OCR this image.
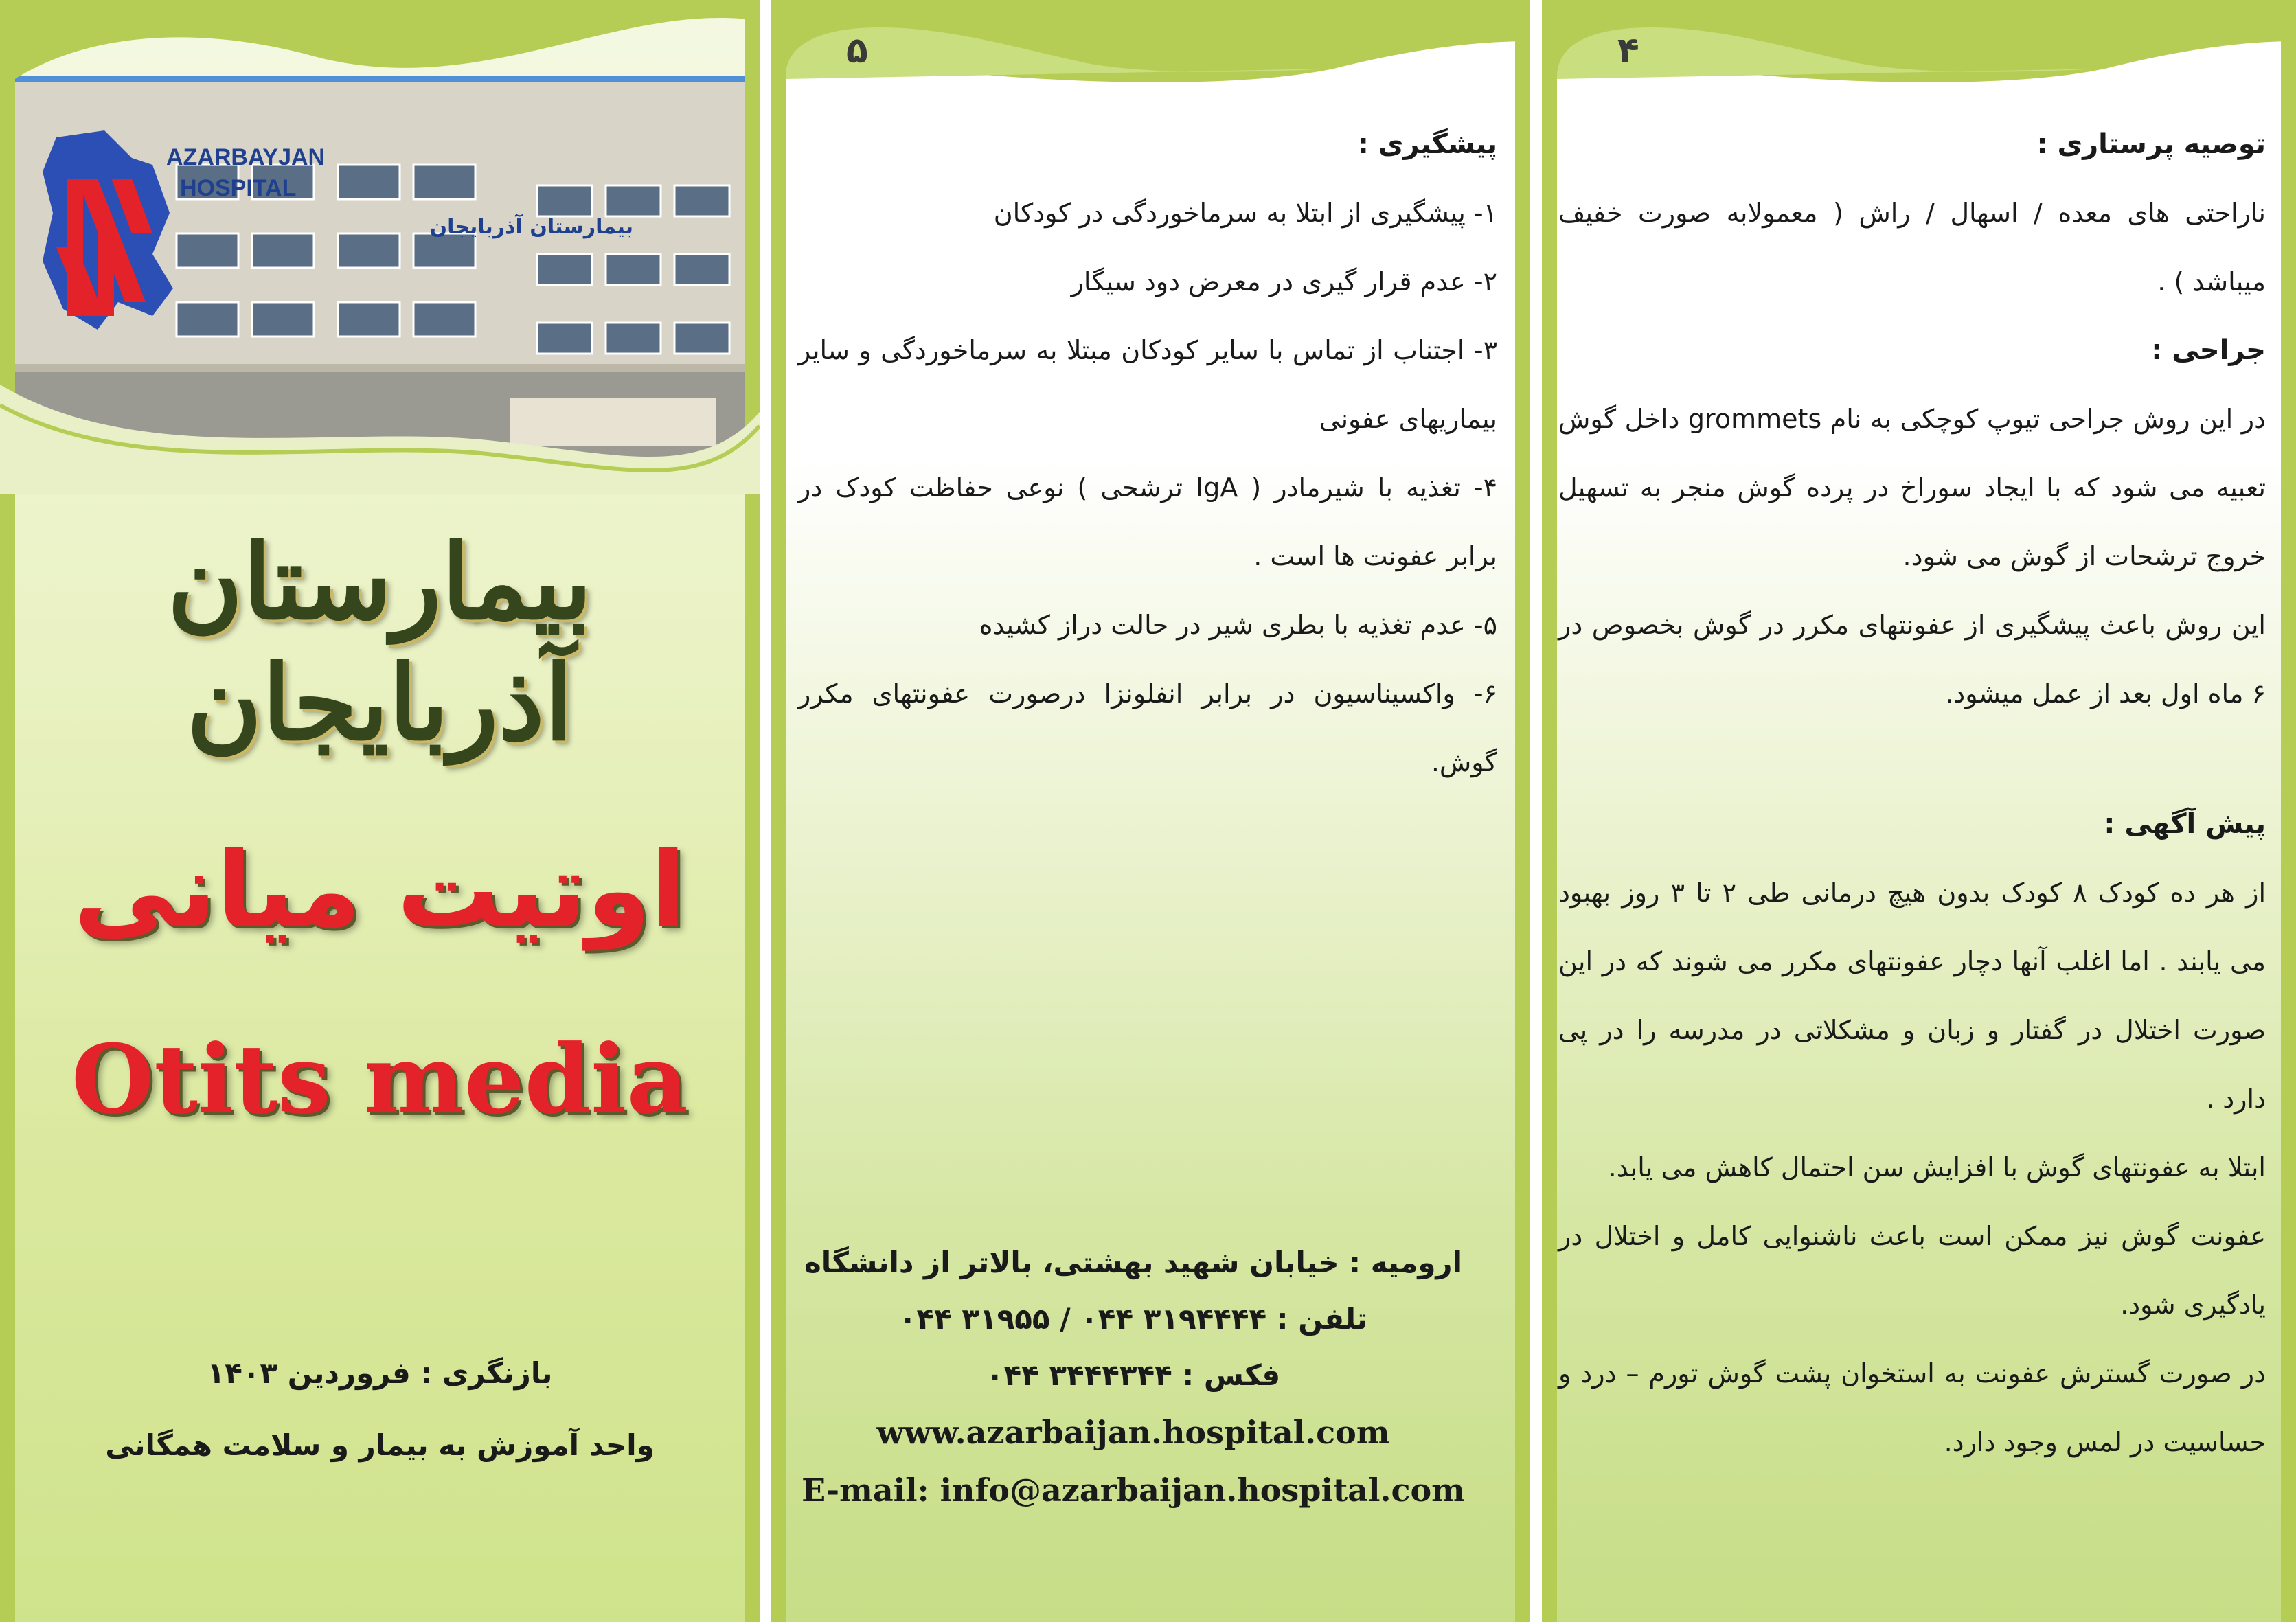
AZARBAYJAN
HOSPITAL
بیمارستان آذربایجان
بیمارستان آذربایجان
اوتیت میانی
Otits media
بازنگری : فروردین ۱۴۰۳
واحد آموزش به بیمار و سلامت همگانی
۵

پیشگیری :

۱- پیشگیری از ابتلا به سرماخوردگی در کودکان

۲- عدم قرار گیری در معرض دود سیگار

۳- اجتناب از تماس با سایر کودکان مبتلا به سرماخوردگی و سایر بیماریهای عفونی

۴- تغذیه با شیرمادر ( IgA ترشحی ) نوعی حفاظت کودک در برابر عفونت ها است .

۵- عدم تغذیه با بطری شیر در حالت دراز کشیده

۶- واکسیناسیون در برابر انفلونزا درصورت عفونتهای مکرر گوش.

ارومیه : خیابان شهید بهشتی، بالاتر از دانشگاه
تلفن : ۳۱۹۴۴۴۴ ۰۴۴ / ۳۱۹۵۵ ۰۴۴
فکس : ۳۴۴۴۳۴۴ ۰۴۴
www.azarbaijan.hospital.com
E-mail: info@azarbaijan.hospital.com
۴

توصیه پرستاری :

ناراحتی های معده / اسهال / راش ( معمولابه صورت خفیف میباشد ) .

جراحی :

در این روش جراحی تیوپ کوچکی به نام grommets داخل گوش تعبیه می شود که با ایجاد سوراخ در پرده گوش منجر به تسهیل خروج ترشحات از گوش می شود.

این روش باعث پیشگیری از عفونتهای مکرر در گوش بخصوص در ۶ ماه اول بعد از عمل میشود.

پیش آگهی :

از هر ده کودک ۸ کودک بدون هیچ درمانی طی ۲ تا ۳ روز بهبود می یابند . اما اغلب آنها دچار عفونتهای مکرر می شوند که در این صورت اختلال در گفتار و زبان و مشکلاتی در مدرسه را در پی دارد .

ابتلا به عفونتهای گوش با افزایش سن احتمال کاهش می یابد.

عفونت گوش نیز ممکن است باعث ناشنوایی کامل و اختلال در یادگیری شود.

در صورت گسترش عفونت به استخوان پشت گوش تورم – درد و حساسیت در لمس وجود دارد.
